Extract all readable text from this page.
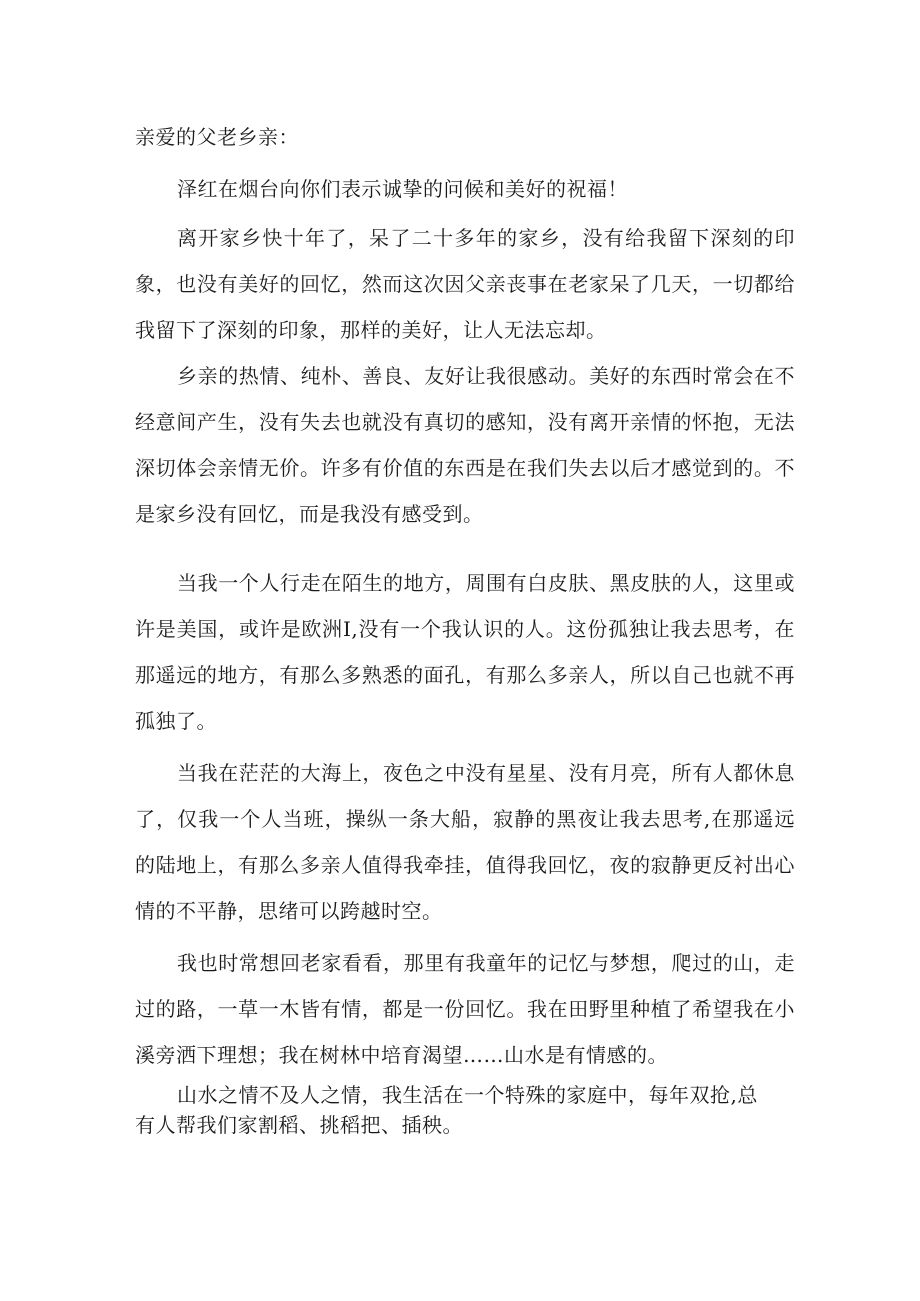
亲爱的父老乡亲：

泽红在烟台向你们表示诚挚的问候和美好的祝福！

离开家乡快十年了，呆了二十多年的家乡，没有给我留下深刻的印象，也没有美好的回忆，然而这次因父亲丧事在老家呆了几天，一切都给我留下了深刻的印象，那样的美好，让人无法忘却。

乡亲的热情、纯朴、善良、友好让我很感动。美好的东西时常会在不经意间产生，没有失去也就没有真切的感知，没有离开亲情的怀抱，无法深切体会亲情无价。许多有价值的东西是在我们失去以后才感觉到的。不是家乡没有回忆，而是我没有感受到。

当我一个人行走在陌生的地方，周围有白皮肤、黑皮肤的人，这里或许是美国，或许是欧洲I,没有一个我认识的人。这份孤独让我去思考，在那遥远的地方，有那么多熟悉的面孔，有那么多亲人，所以自己也就不再孤独了。

当我在茫茫的大海上，夜色之中没有星星、没有月亮，所有人都休息了，仅我一个人当班，操纵一条大船，寂静的黑夜让我去思考,在那遥远的陆地上，有那么多亲人值得我牵挂，值得我回忆，夜的寂静更反衬出心情的不平静，思绪可以跨越时空。

我也时常想回老家看看，那里有我童年的记忆与梦想，爬过的山，走过的路，一草一木皆有情，都是一份回忆。我在田野里种植了希望我在小溪旁洒下理想；我在树林中培育渴望……山水是有情感的。

山水之情不及人之情，我生活在一个特殊的家庭中，每年双抢,总有人帮我们家割稻、挑稻把、插秧。
